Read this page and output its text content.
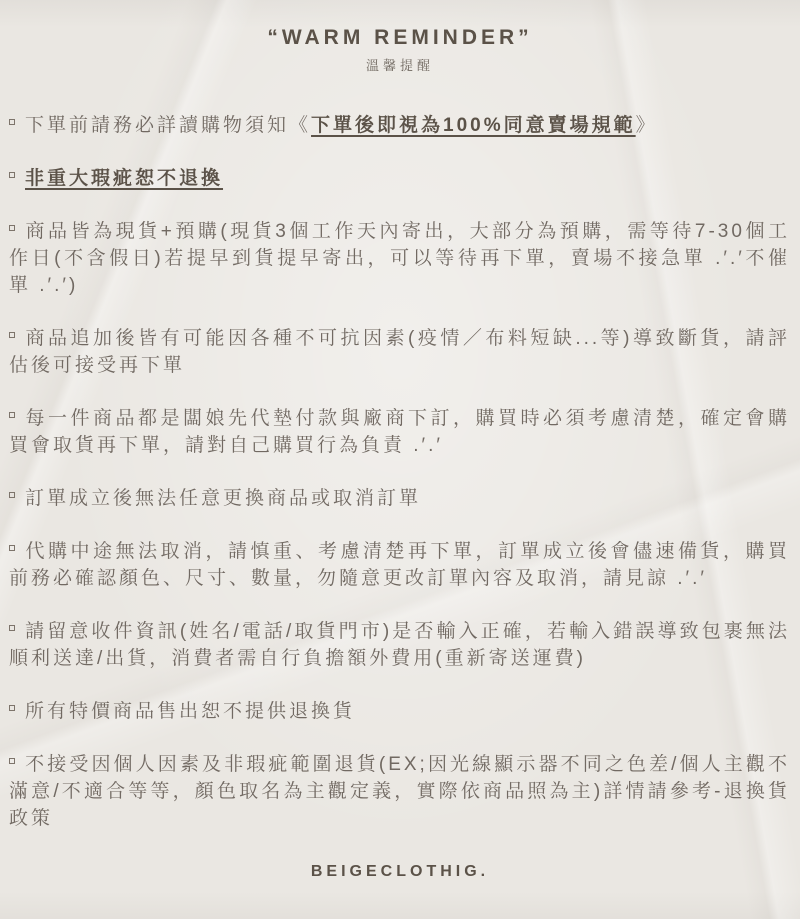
“WARM REMINDER”
溫馨提醒

下單前請務必詳讀購物須知《下單後即視為100%同意賣場規範》

非重大瑕疵恕不退換

商品皆為現貨+預購(現貨3個工作天內寄出，大部分為預購，需等待7-30個工作日(不含假日)若提早到貨提早寄出，可以等待再下單，賣場不接急單 .′.′不催單 .′.′)

商品追加後皆有可能因各種不可抗因素(疫情／布料短缺...等)導致斷貨，請評估後可接受再下單

每一件商品都是闆娘先代墊付款與廠商下訂，購買時必須考慮清楚，確定會購買會取貨再下單，請對自己購買行為負責 .′.′

訂單成立後無法任意更換商品或取消訂單

代購中途無法取消，請慎重、考慮清楚再下單，訂單成立後會儘速備貨，購買前務必確認顏色、尺寸、數量，勿隨意更改訂單內容及取消，請見諒 .′.′

請留意收件資訊(姓名/電話/取貨門市)是否輸入正確，若輸入錯誤導致包裹無法順利送達/出貨，消費者需自行負擔額外費用(重新寄送運費)

所有特價商品售出恕不提供退換貨

不接受因個人因素及非瑕疵範圍退貨(EX;因光線顯示器不同之色差/個人主觀不滿意/不適合等等，顏色取名為主觀定義，實際依商品照為主)詳情請參考-退換貨政策

BEIGECLOTHIG.
